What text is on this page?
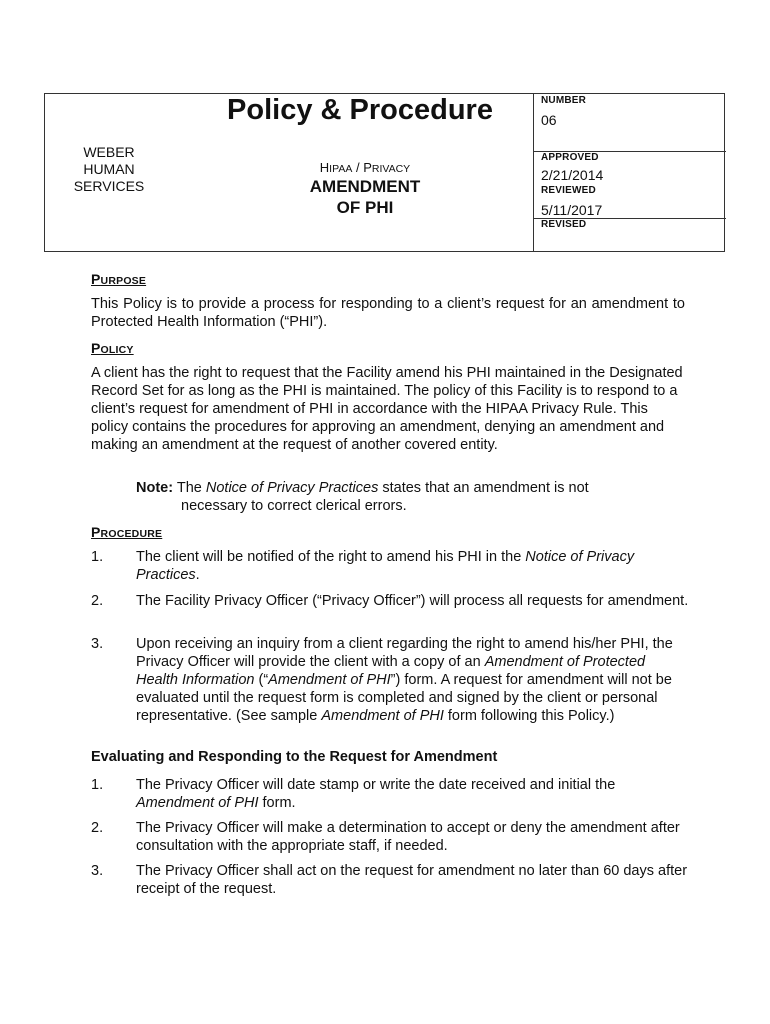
Policy & Procedure
WEBER
HUMAN
SERVICES
HIPAA / PRIVACY
AMENDMENT
OF PHI
NUMBER
06
APPROVED
2/21/2014
REVIEWED
5/11/2017
REVISED
PURPOSE
This Policy is to provide a process for responding to a client’s request for an amendment to Protected Health Information (“PHI”).
POLICY
A client has the right to request that the Facility amend his PHI maintained in the Designated Record Set for as long as the PHI is maintained. The policy of this Facility is to respond to a client’s request for amendment of PHI in accordance with the HIPAA Privacy Rule. This policy contains the procedures for approving an amendment, denying an amendment and making an amendment at the request of another covered entity.
Note: The Notice of Privacy Practices states that an amendment is not
necessary to correct clerical errors.
PROCEDURE
1. The client will be notified of the right to amend his PHI in the Notice of Privacy Practices.
2. The Facility Privacy Officer (“Privacy Officer”) will process all requests for amendment.
3. Upon receiving an inquiry from a client regarding the right to amend his/her PHI, the Privacy Officer will provide the client with a copy of an Amendment of Protected Health Information (“Amendment of PHI”) form. A request for amendment will not be evaluated until the request form is completed and signed by the client or personal representative. (See sample Amendment of PHI form following this Policy.)
Evaluating and Responding to the Request for Amendment
1. The Privacy Officer will date stamp or write the date received and initial the Amendment of PHI form.
2. The Privacy Officer will make a determination to accept or deny the amendment after consultation with the appropriate staff, if needed.
3. The Privacy Officer shall act on the request for amendment no later than 60 days after receipt of the request.
